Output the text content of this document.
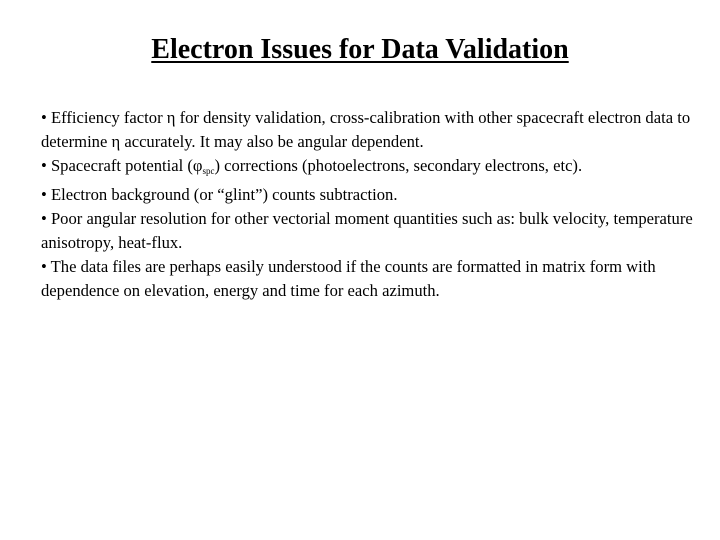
Electron Issues for Data Validation

• Efficiency factor η for density validation, cross-calibration with other spacecraft electron data to determine η accurately. It may also be angular dependent.

• Spacecraft potential $(\varphi_{spc})$ corrections (photoelectrons, secondary electrons, etc).

• Electron background (or “glint”) counts subtraction.

• Poor angular resolution for other vectorial moment quantities such as: bulk velocity, temperature anisotropy, heat-flux.

• The data files are perhaps easily understood if the counts are formatted in matrix form with dependence on elevation, energy and time for each azimuth.
